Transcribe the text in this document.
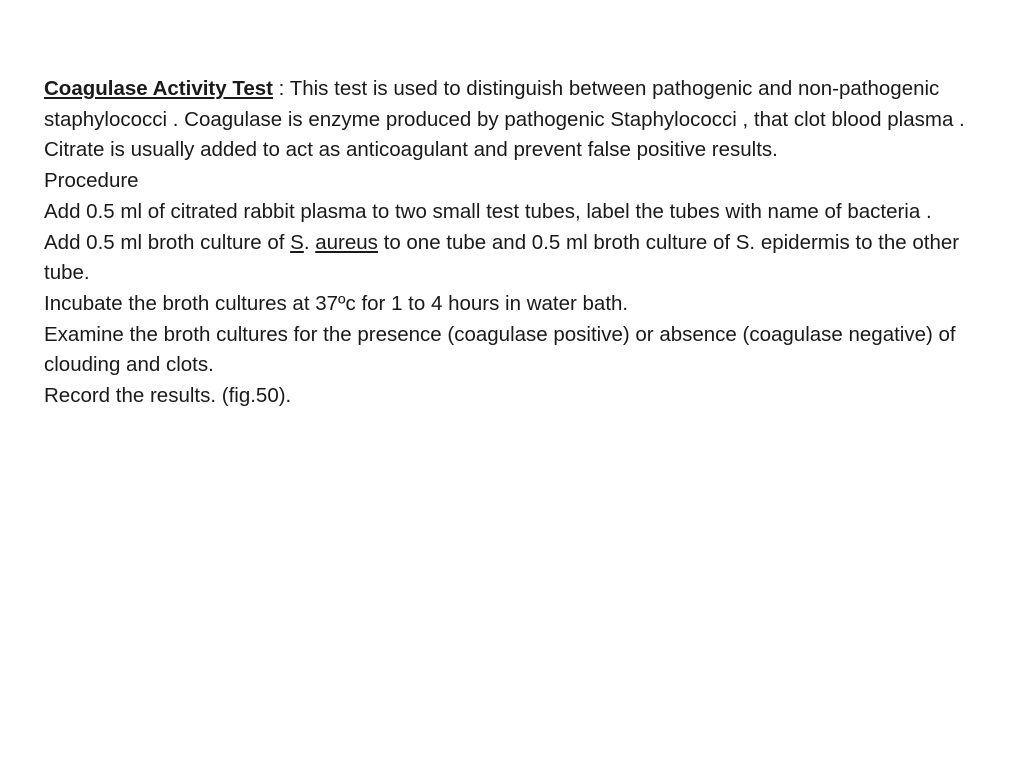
Coagulase Activity Test : This test is used to distinguish between pathogenic and non-pathogenic staphylococci . Coagulase is enzyme produced by pathogenic Staphylococci , that clot blood plasma . Citrate is usually added to act as anticoagulant and prevent false positive results.

Procedure

Add 0.5 ml of citrated rabbit plasma to two small test tubes, label the tubes with name of bacteria .

Add 0.5 ml broth culture of S. aureus to one tube and 0.5 ml broth culture of S. epidermis to the other tube.

Incubate the broth cultures at 37ºc for 1 to 4 hours in water bath.

Examine the broth cultures for the presence (coagulase positive) or absence (coagulase negative) of clouding and clots.

Record the results. (fig.50).
